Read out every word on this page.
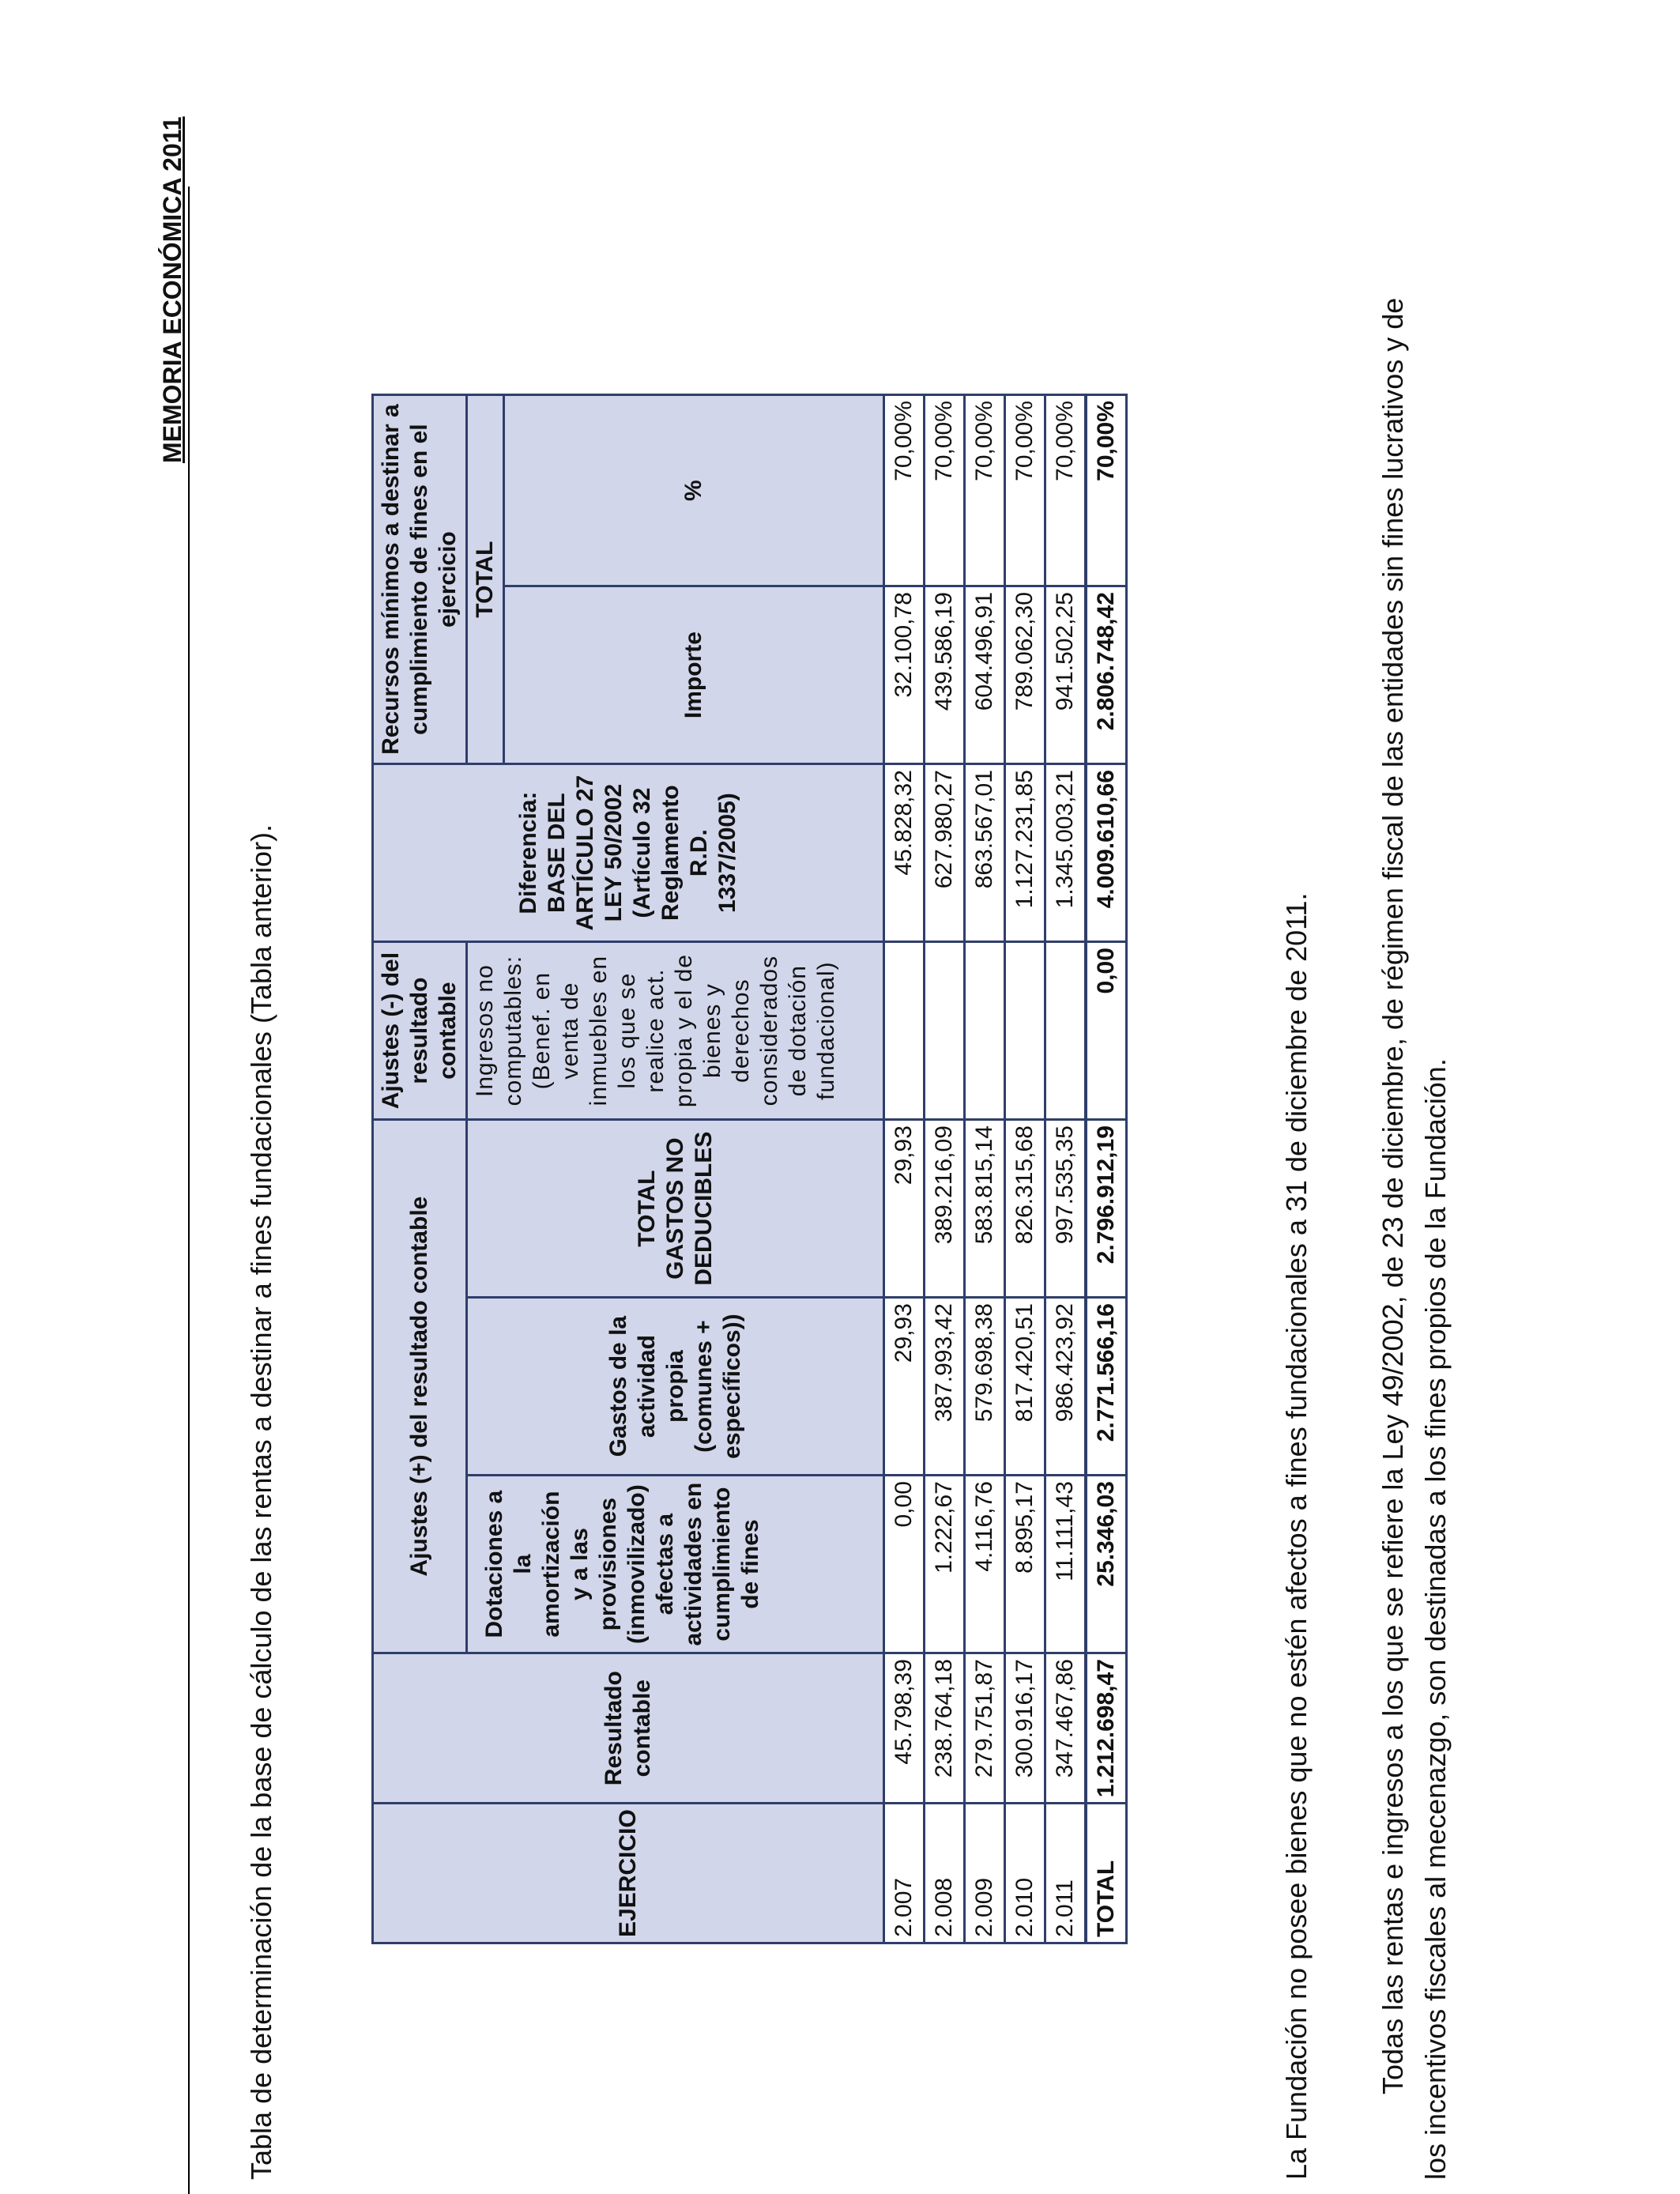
MEMORIA ECONÓMICA 2011
Tabla de determinación de la base de cálculo de las rentas a destinar a fines fundacionales (Tabla anterior).	EJERCICIO	Resultado contable	Ajustes (+) del resultado contable			Ajustes (-) del resultado contable	Diferencia: BASE DEL ARTÍCULO 27 LEY 50/2002 (Artículo 32 Reglamento R.D. 1337/2005)	Recursos mínimos a destinar a cumplimiento de fines en el ejercicio	
		Dotaciones a la amortización y a las provisiones (inmovilizado) afectas a actividades en cumplimiento de fines	Gastos de la actividad propia (comunes + específicos))	TOTAL GASTOS NO DEDUCIBLES	Ingresos no computables: (Benef. en venta de inmuebles en los que se realice act. propia y el de bienes y derechos considerados de dotación fundacional)		TOTAL	
							Importe	%
2.007	45.798,39	0,00	29,93	29,93		45.828,32	32.100,78	70,00%
2.008	238.764,18	1.222,67	387.993,42	389.216,09		627.980,27	439.586,19	70,00%
2.009	279.751,87	4.116,76	579.698,38	583.815,14		863.567,01	604.496,91	70,00%
2.010	300.916,17	8.895,17	817.420,51	826.315,68		1.127.231,85	789.062,30	70,00%
2.011	347.467,86	11.111,43	986.423,92	997.535,35		1.345.003,21	941.502,25	70,00%
TOTAL	1.212.698,47	25.346,03	2.771.566,16	2.796.912,19	0,00	4.009.610,66	2.806.748,42	70,00%
La Fundación no posee bienes que no estén afectos a fines fundacionales a 31 de diciembre de 2011. Todas las rentas e ingresos a los que se refiere la Ley 49/2002, de 23 de diciembre, de régimen fiscal de las entidades sin fines lucrativos y de los incentivos fiscales al mecenazgo, son destinadas a los fines propios de la Fundación.
